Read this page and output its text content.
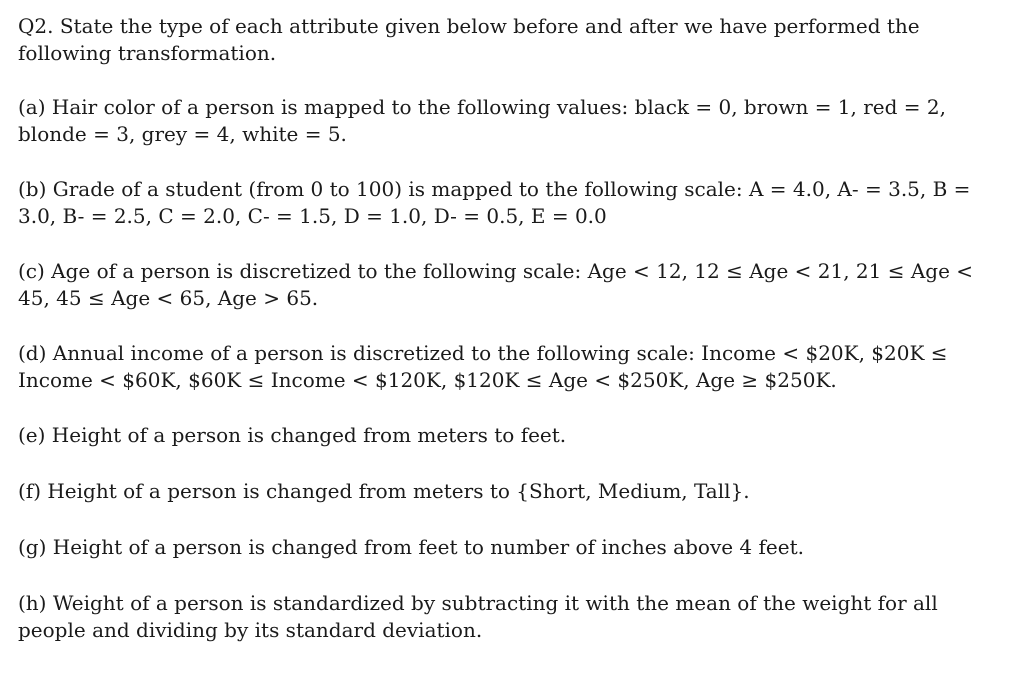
Q2. State the type of each attribute given below before and after we have performed the following transformation.

(a) Hair color of a person is mapped to the following values: black = 0, brown = 1, red = 2, blonde = 3, grey = 4, white = 5.

(b) Grade of a student (from 0 to 100) is mapped to the following scale: A = 4.0, A- = 3.5, B = 3.0, B- = 2.5, C = 2.0, C- = 1.5, D = 1.0, D- = 0.5, E = 0.0

(c) Age of a person is discretized to the following scale: Age < 12, 12 ≤ Age < 21, 21 ≤ Age < 45, 45 ≤ Age < 65, Age > 65.

(d) Annual income of a person is discretized to the following scale: Income < $20K, $20K ≤ Income < $60K, $60K ≤ Income < $120K, $120K ≤ Age < $250K, Age ≥ $250K.

(e) Height of a person is changed from meters to feet.

(f) Height of a person is changed from meters to {Short, Medium, Tall}.

(g) Height of a person is changed from feet to number of inches above 4 feet.

(h) Weight of a person is standardized by subtracting it with the mean of the weight for all people and dividing by its standard deviation.
